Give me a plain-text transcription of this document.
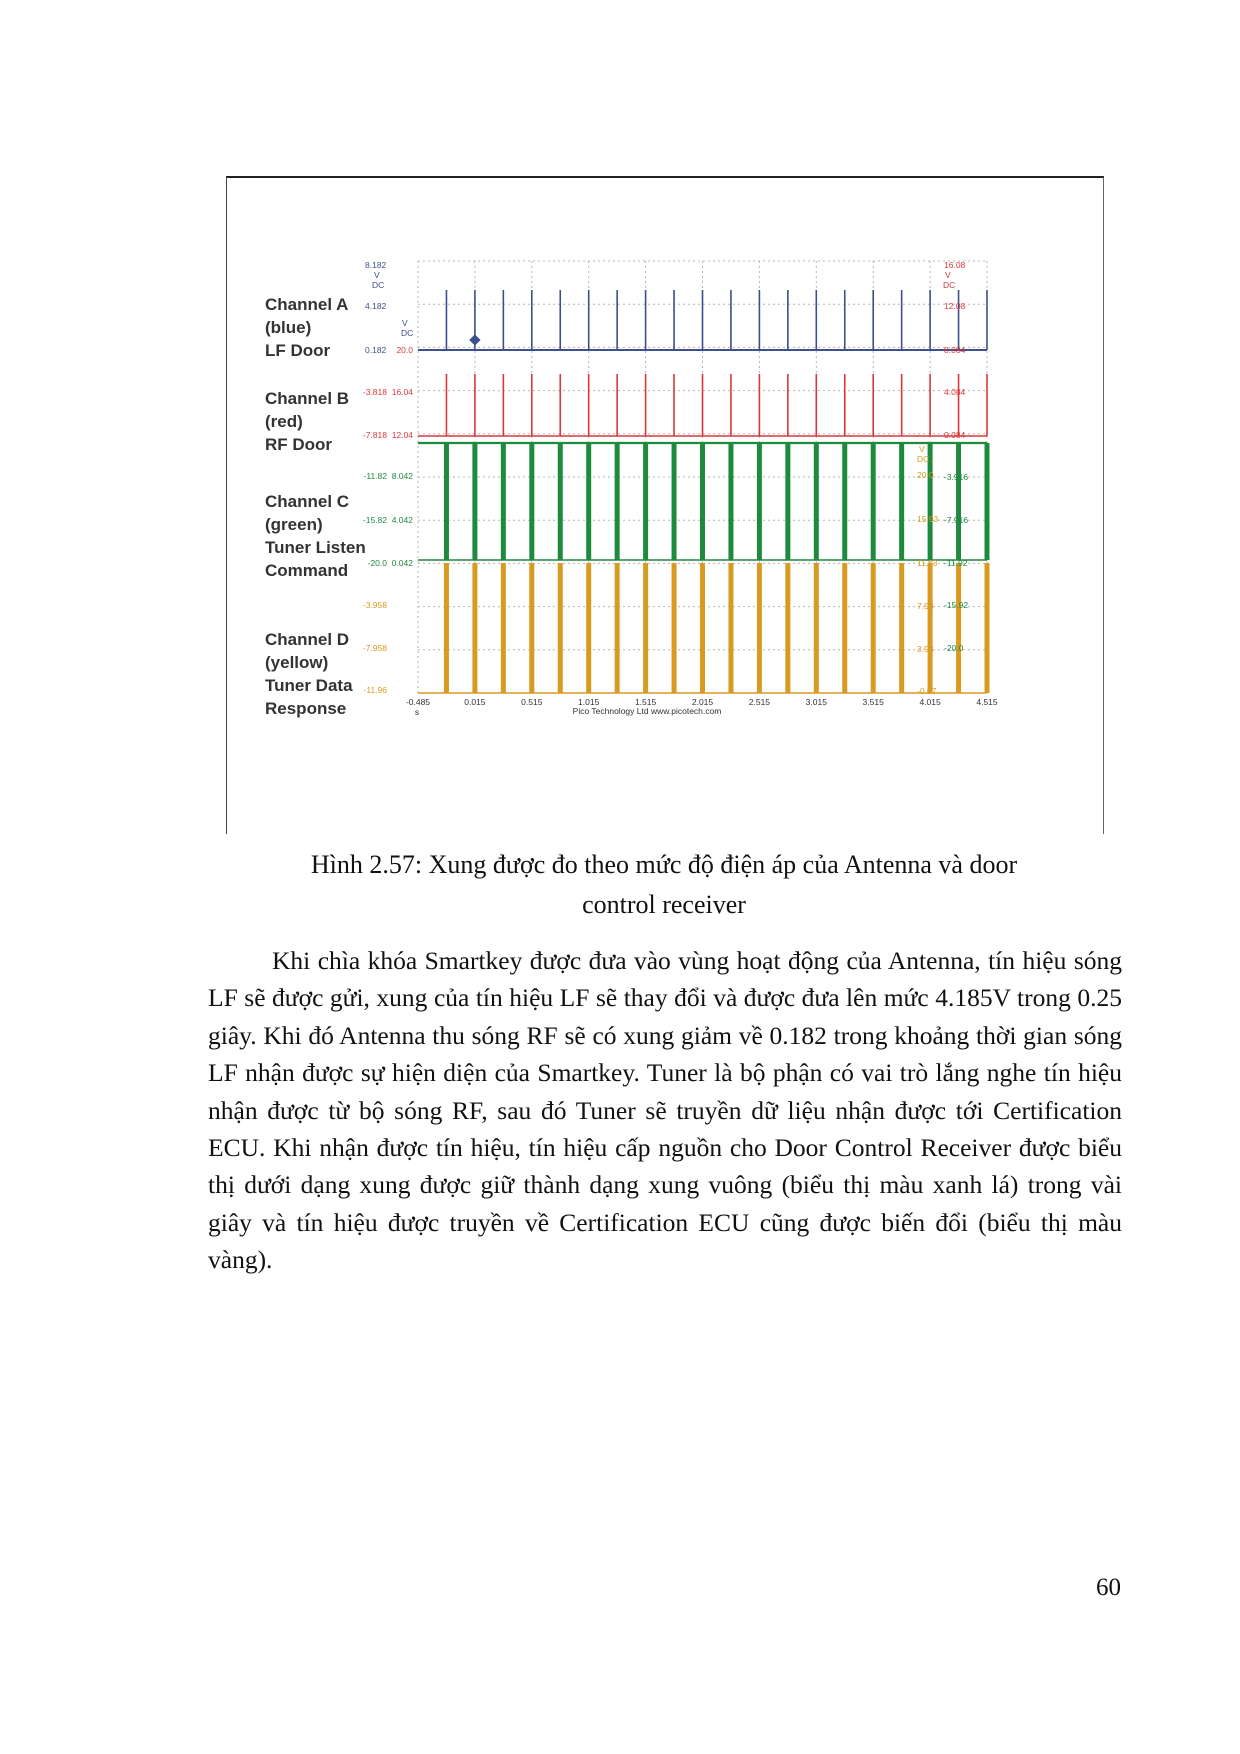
Channel A
(blue)
LF Door
Channel B
(red)
RF Door
Channel C
(green)
Tuner Listen
Command
Channel D
(yellow)
Tuner Data
Response
8.182
V
DC
4.182
0.182
-3.818
-7.818
-11.82
-15.82
-20.0
-3.958
-7.958
-11.96
V
DC
20.0
16.04
12.04
8.042
4.042
0.042
16.08
V
DC
12.08
8.084
4.084
0.084
-3.916
-7.916
-11.92
-15.92
-20.0
V
DC
20.0
15.93
11.93
7.93
3.93
-0.07
-0.485	0.015	0.515	1.015	1.515	2.015	2.515	3.015	3.515	4.015	4.515
s	Pico Technology Ltd www.picotech.com
Hình 2.57: Xung được đo theo mức độ điện áp của Antenna và door
control receiver
Khi chìa khóa Smartkey được đưa vào vùng hoạt động của Antenna, tín hiệu sóng LF sẽ được gửi, xung của tín hiệu LF sẽ thay đổi và được đưa lên mức 4.185V trong 0.25 giây. Khi đó Antenna thu sóng RF sẽ có xung giảm về 0.182 trong khoảng thời gian sóng LF nhận được sự hiện diện của Smartkey. Tuner là bộ phận có vai trò lắng nghe tín hiệu nhận được từ bộ sóng RF, sau đó Tuner sẽ truyền dữ liệu nhận được tới Certification ECU. Khi nhận được tín hiệu, tín hiệu cấp nguồn cho Door Control Receiver được biểu thị dưới dạng xung được giữ thành dạng xung vuông (biểu thị màu xanh lá) trong vài giây và tín hiệu được truyền về Certification ECU cũng được biến đổi (biểu thị màu vàng).
60
